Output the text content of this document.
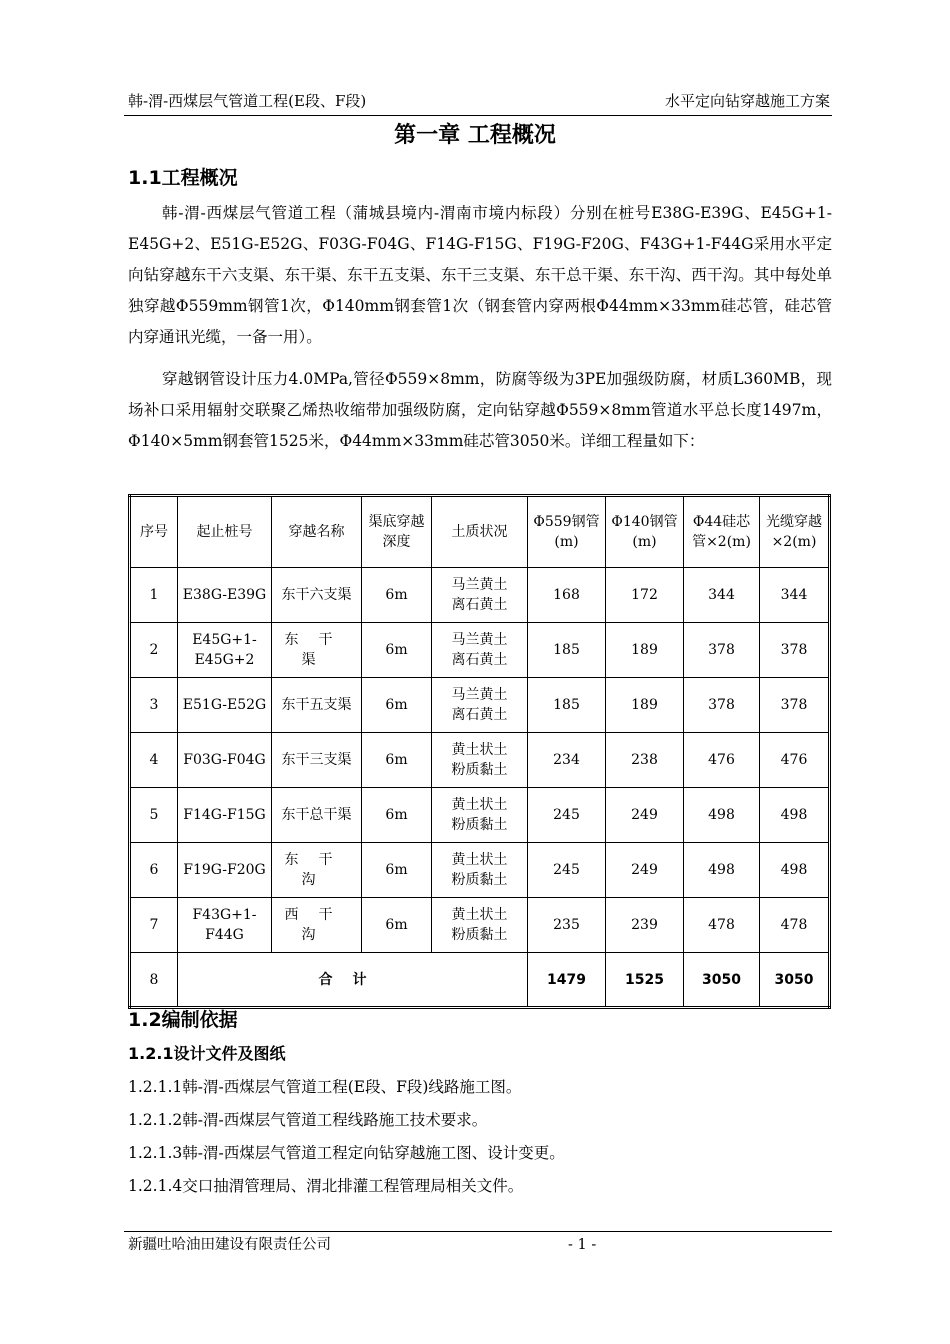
韩-渭-西煤层气管道工程(E段、F段)	水平定向钻穿越施工方案
第一章 工程概况
1.1工程概况

韩-渭-西煤层气管道工程（蒲城县境内-渭南市境内标段）分别在桩号E38G-E39G、E45G+1-E45G+2、E51G-E52G、F03G-F04G、F14G-F15G、F19G-F20G、F43G+1-F44G采用水平定向钻穿越东干六支渠、东干渠、东干五支渠、东干三支渠、东干总干渠、东干沟、西干沟。其中每处单独穿越Φ559mm钢管1次，Φ140mm钢套管1次（钢套管内穿两根Φ44mm×33mm硅芯管，硅芯管内穿通讯光缆，一备一用）。

穿越钢管设计压力4.0MPa,管径Φ559×8mm，防腐等级为3PE加强级防腐，材质L360MB，现场补口采用辐射交联聚乙烯热收缩带加强级防腐，定向钻穿越Φ559×8mm管道水平总长度1497m，Φ140×5mm钢套管1525米，Φ44mm×33mm硅芯管3050米。详细工程量如下：

序号	起止桩号	穿越名称	渠底穿越深度	土质状况	Φ559钢管(m)	Φ140钢管(m)	Φ44硅芯管×2(m)	光缆穿越×2(m)
1	E38G-E39G	东干六支渠	6m	马兰黄土离石黄土	168	172	344	344
2	E45G+1-E45G+2	东干渠	6m	马兰黄土离石黄土	185	189	378	378
3	E51G-E52G	东干五支渠	6m	马兰黄土离石黄土	185	189	378	378
4	F03G-F04G	东干三支渠	6m	黄土状土粉质黏土	234	238	476	476
5	F14G-F15G	东干总干渠	6m	黄土状土粉质黏土	245	249	498	498
6	F19G-F20G	东干沟	6m	黄土状土粉质黏土	245	249	498	498
7	F43G+1-F44G	西干沟	6m	黄土状土粉质黏土	235	239	478	478
8	合计				1479	1525	3050	3050
1.2编制依据
1.2.1设计文件及图纸
1.2.1.1韩-渭-西煤层气管道工程(E段、F段)线路施工图。
1.2.1.2韩-渭-西煤层气管道工程线路施工技术要求。
1.2.1.3韩-渭-西煤层气管道工程定向钻穿越施工图、设计变更。
1.2.1.4交口抽渭管理局、渭北排灌工程管理局相关文件。
新疆吐哈油田建设有限责任公司	- 1 -
